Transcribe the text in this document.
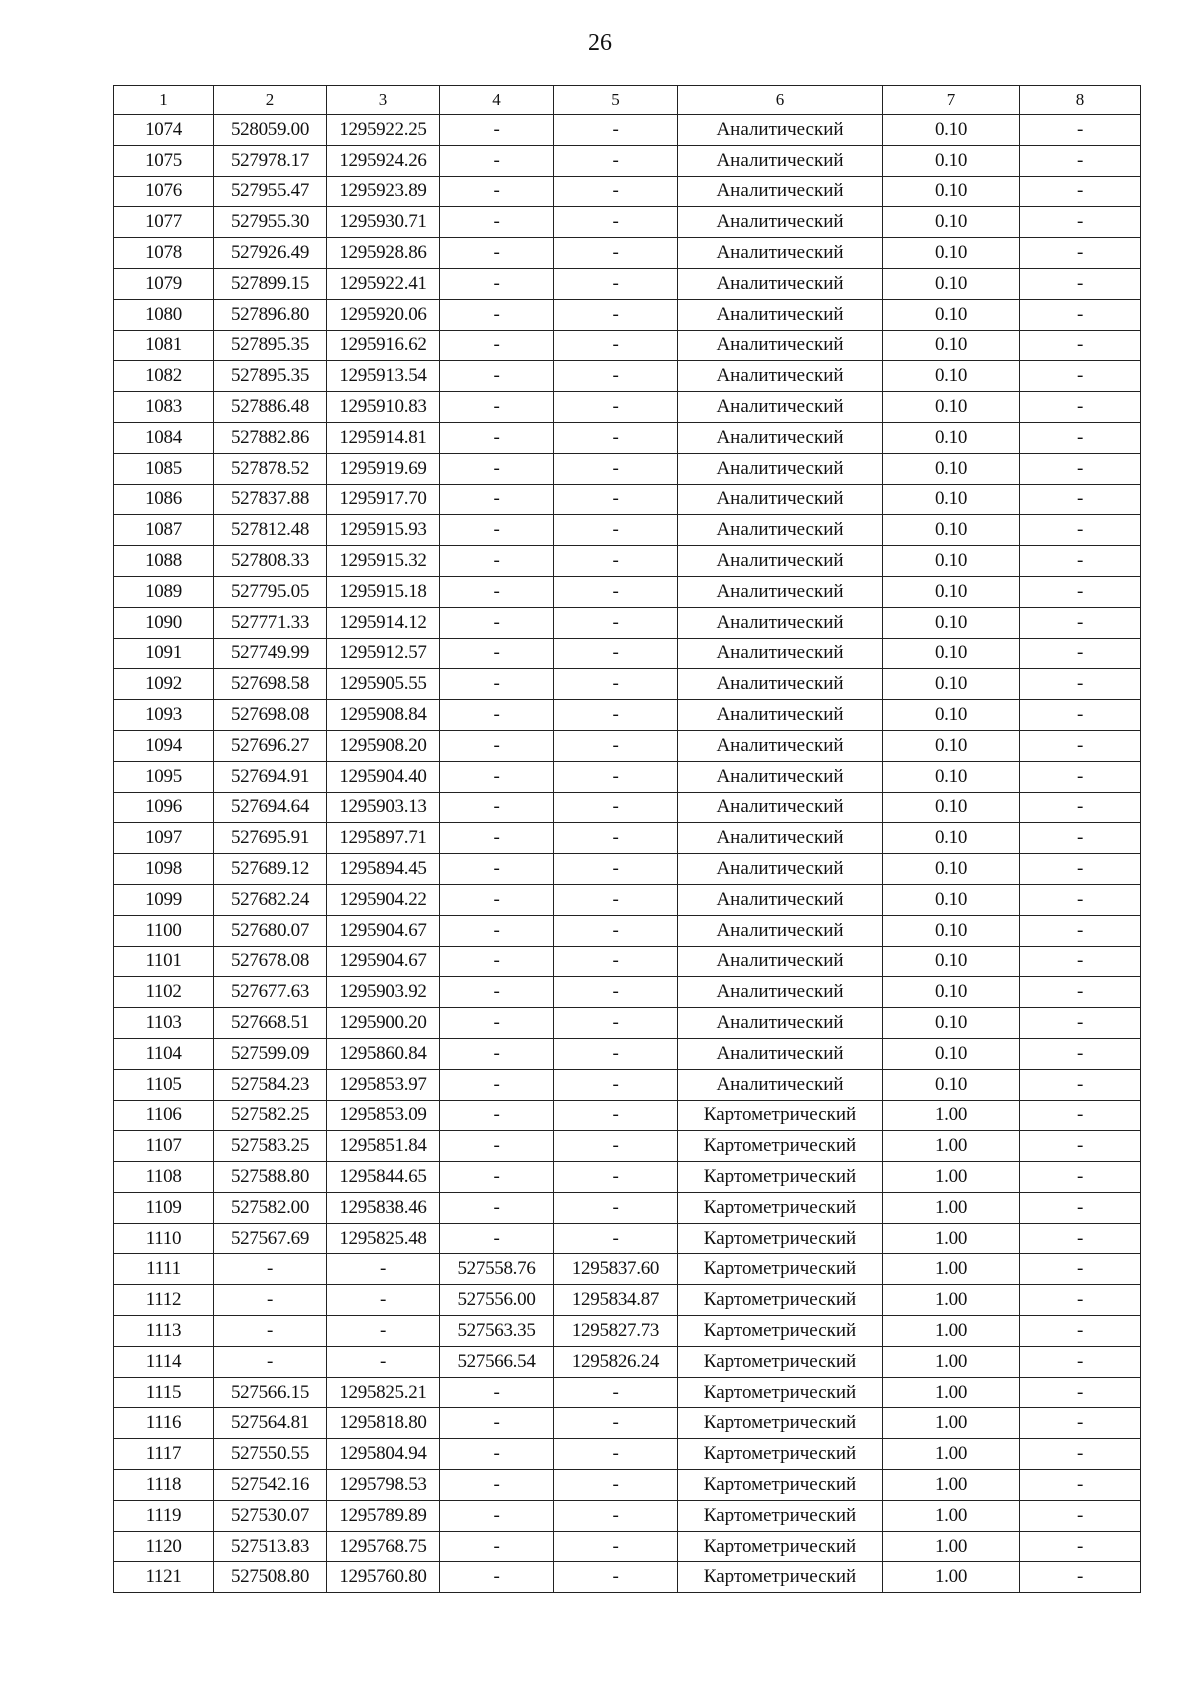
26
1	2	3	4	5	6	7	8
1074	528059.00	1295922.25	-	-	Аналитический	0.10	-
1075	527978.17	1295924.26	-	-	Аналитический	0.10	-
1076	527955.47	1295923.89	-	-	Аналитический	0.10	-
1077	527955.30	1295930.71	-	-	Аналитический	0.10	-
1078	527926.49	1295928.86	-	-	Аналитический	0.10	-
1079	527899.15	1295922.41	-	-	Аналитический	0.10	-
1080	527896.80	1295920.06	-	-	Аналитический	0.10	-
1081	527895.35	1295916.62	-	-	Аналитический	0.10	-
1082	527895.35	1295913.54	-	-	Аналитический	0.10	-
1083	527886.48	1295910.83	-	-	Аналитический	0.10	-
1084	527882.86	1295914.81	-	-	Аналитический	0.10	-
1085	527878.52	1295919.69	-	-	Аналитический	0.10	-
1086	527837.88	1295917.70	-	-	Аналитический	0.10	-
1087	527812.48	1295915.93	-	-	Аналитический	0.10	-
1088	527808.33	1295915.32	-	-	Аналитический	0.10	-
1089	527795.05	1295915.18	-	-	Аналитический	0.10	-
1090	527771.33	1295914.12	-	-	Аналитический	0.10	-
1091	527749.99	1295912.57	-	-	Аналитический	0.10	-
1092	527698.58	1295905.55	-	-	Аналитический	0.10	-
1093	527698.08	1295908.84	-	-	Аналитический	0.10	-
1094	527696.27	1295908.20	-	-	Аналитический	0.10	-
1095	527694.91	1295904.40	-	-	Аналитический	0.10	-
1096	527694.64	1295903.13	-	-	Аналитический	0.10	-
1097	527695.91	1295897.71	-	-	Аналитический	0.10	-
1098	527689.12	1295894.45	-	-	Аналитический	0.10	-
1099	527682.24	1295904.22	-	-	Аналитический	0.10	-
1100	527680.07	1295904.67	-	-	Аналитический	0.10	-
1101	527678.08	1295904.67	-	-	Аналитический	0.10	-
1102	527677.63	1295903.92	-	-	Аналитический	0.10	-
1103	527668.51	1295900.20	-	-	Аналитический	0.10	-
1104	527599.09	1295860.84	-	-	Аналитический	0.10	-
1105	527584.23	1295853.97	-	-	Аналитический	0.10	-
1106	527582.25	1295853.09	-	-	Картометрический	1.00	-
1107	527583.25	1295851.84	-	-	Картометрический	1.00	-
1108	527588.80	1295844.65	-	-	Картометрический	1.00	-
1109	527582.00	1295838.46	-	-	Картометрический	1.00	-
1110	527567.69	1295825.48	-	-	Картометрический	1.00	-
1111	-	-	527558.76	1295837.60	Картометрический	1.00	-
1112	-	-	527556.00	1295834.87	Картометрический	1.00	-
1113	-	-	527563.35	1295827.73	Картометрический	1.00	-
1114	-	-	527566.54	1295826.24	Картометрический	1.00	-
1115	527566.15	1295825.21	-	-	Картометрический	1.00	-
1116	527564.81	1295818.80	-	-	Картометрический	1.00	-
1117	527550.55	1295804.94	-	-	Картометрический	1.00	-
1118	527542.16	1295798.53	-	-	Картометрический	1.00	-
1119	527530.07	1295789.89	-	-	Картометрический	1.00	-
1120	527513.83	1295768.75	-	-	Картометрический	1.00	-
1121	527508.80	1295760.80	-	-	Картометрический	1.00	-
